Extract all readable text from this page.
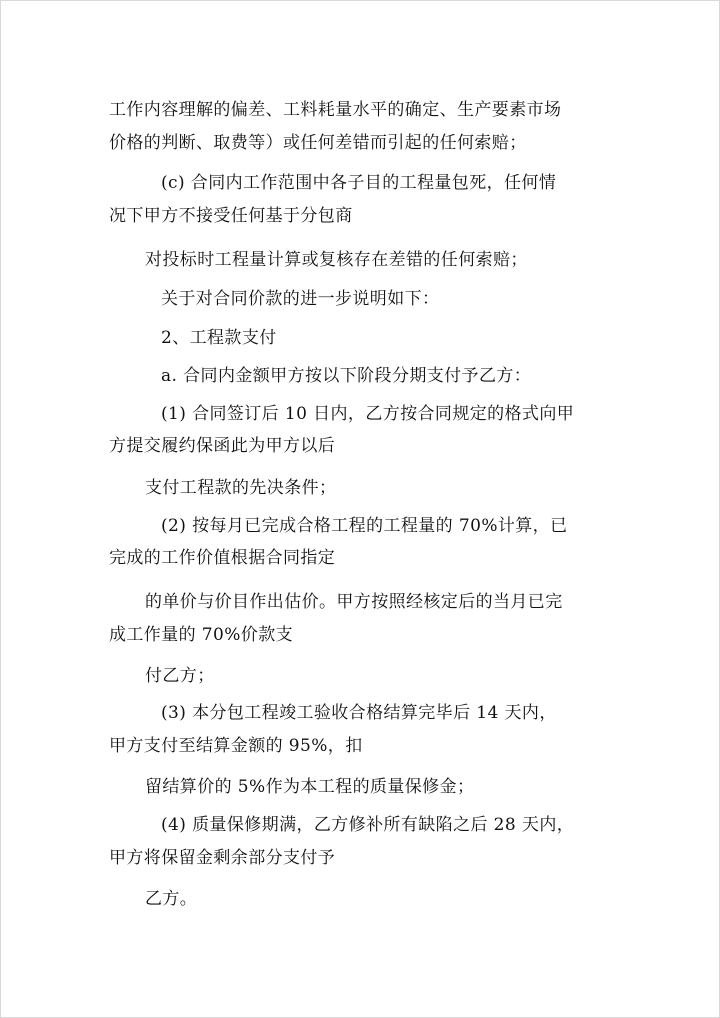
工作内容理解的偏差、工料耗量水平的确定、生产要素市场
价格的判断、取费等）或任何差错而引起的任何索赔；
(c) 合同内工作范围中各子目的工程量包死，任何情
况下甲方不接受任何基于分包商
对投标时工程量计算或复核存在差错的任何索赔；
关于对合同价款的进一步说明如下：
2、工程款支付
a. 合同内金额甲方按以下阶段分期支付予乙方：
(1) 合同签订后 10 日内，乙方按合同规定的格式向甲
方提交履约保函此为甲方以后
支付工程款的先决条件；
(2) 按每月已完成合格工程的工程量的 70%计算，已
完成的工作价值根据合同指定
的单价与价目作出估价。甲方按照经核定后的当月已完
成工作量的 70%价款支
付乙方；
(3) 本分包工程竣工验收合格结算完毕后 14 天内，
甲方支付至结算金额的 95%，扣
留结算价的 5%作为本工程的质量保修金；
(4) 质量保修期满，乙方修补所有缺陷之后 28 天内，
甲方将保留金剩余部分支付予
乙方。
